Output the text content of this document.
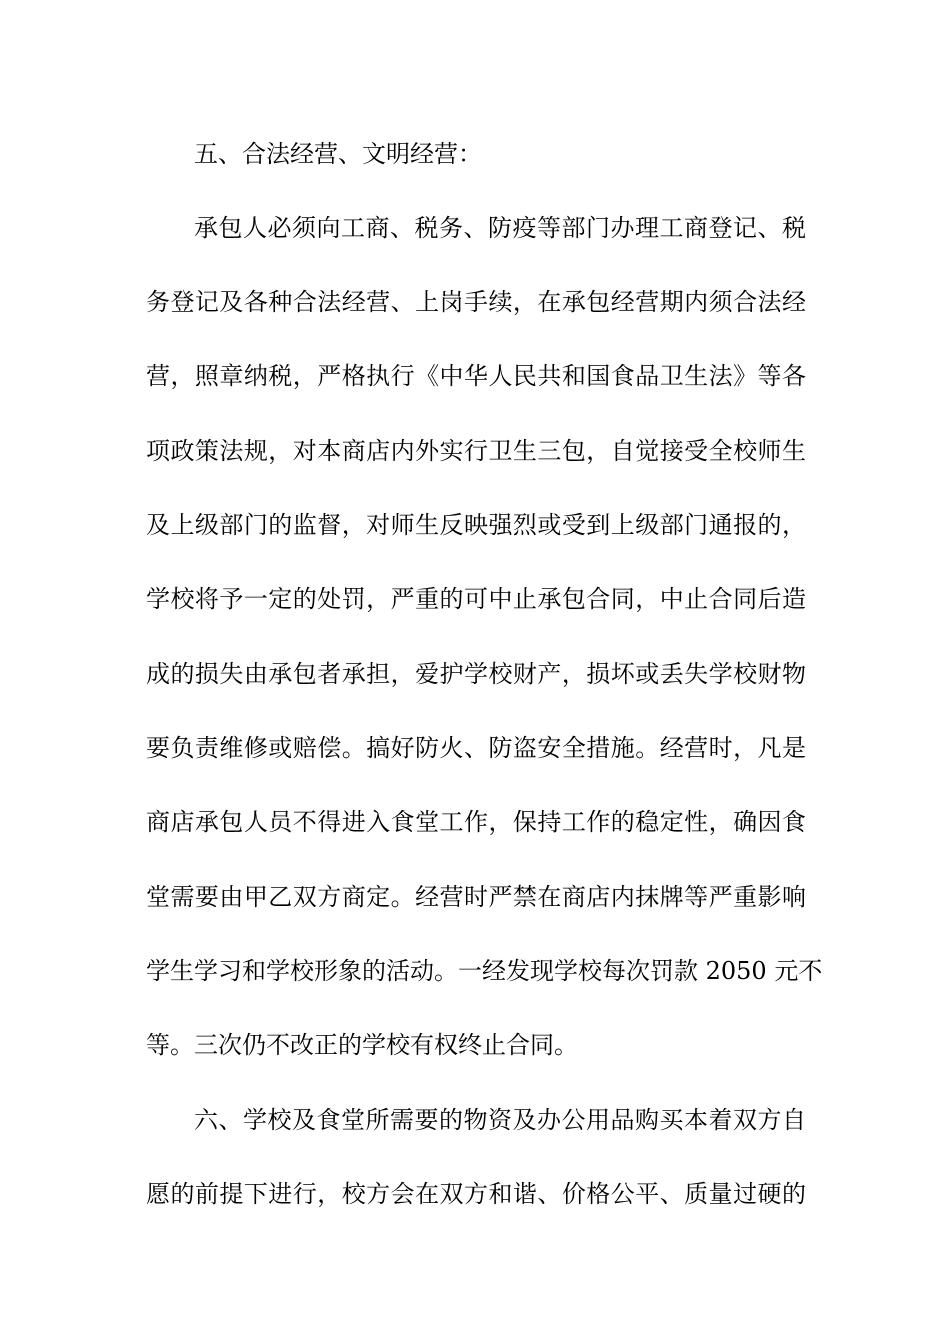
五、合法经营、文明经营：
承包人必须向工商、税务、防疫等部门办理工商登记、税
务登记及各种合法经营、上岗手续，在承包经营期内须合法经
营，照章纳税，严格执行《中华人民共和国食品卫生法》等各
项政策法规，对本商店内外实行卫生三包，自觉接受全校师生
及上级部门的监督，对师生反映强烈或受到上级部门通报的，
学校将予一定的处罚，严重的可中止承包合同，中止合同后造
成的损失由承包者承担，爱护学校财产，损坏或丢失学校财物
要负责维修或赔偿。搞好防火、防盗安全措施。经营时，凡是
商店承包人员不得进入食堂工作，保持工作的稳定性，确因食
堂需要由甲乙双方商定。经营时严禁在商店内抹牌等严重影响
学生学习和学校形象的活动。一经发现学校每次罚款 2050 元不
等。三次仍不改正的学校有权终止合同。
六、学校及食堂所需要的物资及办公用品购买本着双方自
愿的前提下进行，校方会在双方和谐、价格公平、质量过硬的
